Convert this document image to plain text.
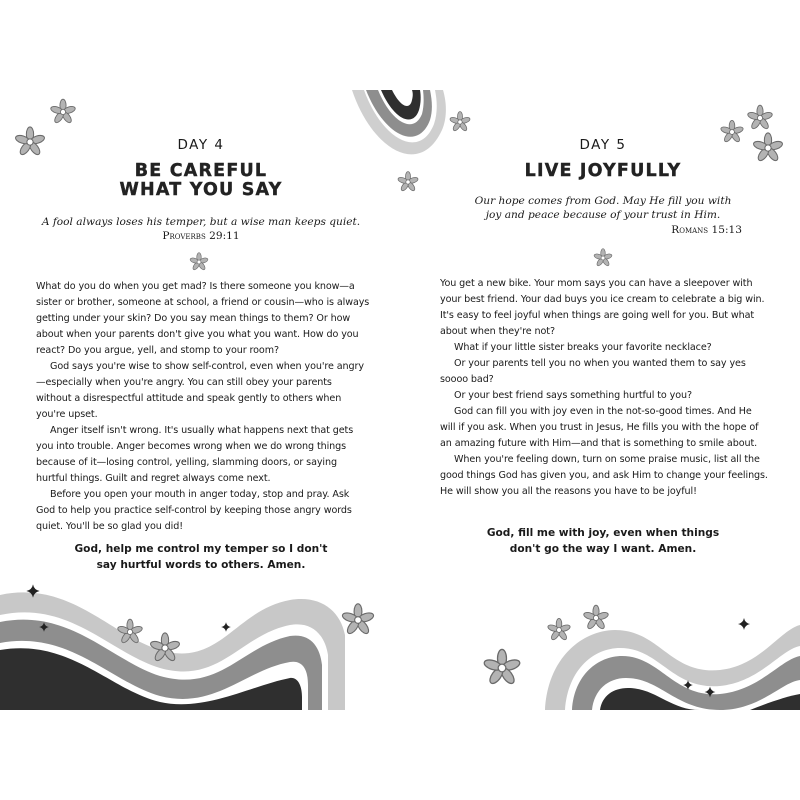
DAY 4
BE CAREFUL
WHAT YOU SAY
A fool always loses his temper, but a wise man keeps quiet.
Proverbs 29:11

What do you do when you get mad? Is there someone you know—a sister or brother, someone at school, a friend or cousin—who is always getting under your skin? Do you say mean things to them? Or how about when your parents don't give you what you want. How do you react? Do you argue, yell, and stomp to your room?

God says you're wise to show self-control, even when you're angry—especially when you're angry. You can still obey your parents without a disrespectful attitude and speak gently to others when you're upset.

Anger itself isn't wrong. It's usually what happens next that gets you into trouble. Anger becomes wrong when we do wrong things because of it—losing control, yelling, slamming doors, or saying hurtful things. Guilt and regret always come next.

Before you open your mouth in anger today, stop and pray. Ask God to help you practice self-control by keeping those angry words quiet. You'll be so glad you did!

God, help me control my temper so I don't
say hurtful words to others. Amen.
DAY 5
LIVE JOYFULLY
Our hope comes from God. May He fill you with
joy and peace because of your trust in Him.
Romans 15:13

You get a new bike. Your mom says you can have a sleepover with your best friend. Your dad buys you ice cream to celebrate a big win. It's easy to feel joyful when things are going well for you. But what about when they're not?

What if your little sister breaks your favorite necklace?

Or your parents tell you no when you wanted them to say yes soooo bad?

Or your best friend says something hurtful to you?

God can fill you with joy even in the not-so-good times. And He will if you ask. When you trust in Jesus, He fills you with the hope of an amazing future with Him—and that is something to smile about.

When you're feeling down, turn on some praise music, list all the good things God has given you, and ask Him to change your feelings. He will show you all the reasons you have to be joyful!

God, fill me with joy, even when things
don't go the way I want. Amen.
